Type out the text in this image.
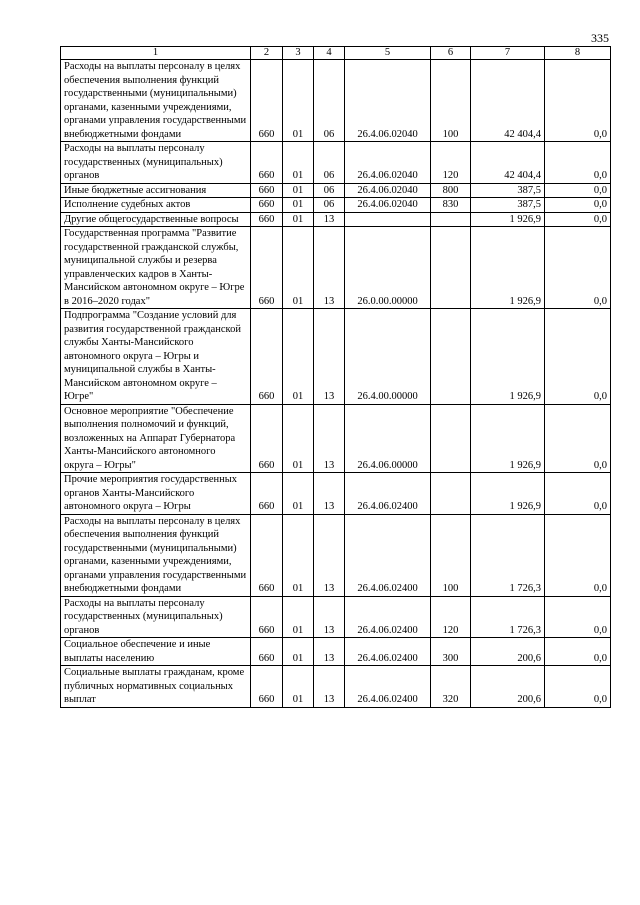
335
1	2	3	4	5	6	7	8
Расходы на выплаты персоналу в целях обеспечения выполнения функций государственными (муниципальными) органами, казенными учреждениями, органами управления государственными внебюджетными фондами	660	01	06	26.4.06.02040	100	42 404,4	0,0
Расходы на выплаты персоналу государственных (муниципальных) органов	660	01	06	26.4.06.02040	120	42 404,4	0,0
Иные бюджетные ассигнования	660	01	06	26.4.06.02040	800	387,5	0,0
Исполнение судебных актов	660	01	06	26.4.06.02040	830	387,5	0,0
Другие общегосударственные вопросы	660	01	13			1 926,9	0,0
Государственная программа "Развитие государственной гражданской службы, муниципальной службы и резерва управленческих кадров в Ханты-Мансийском автономном округе – Югре в 2016–2020 годах"	660	01	13	26.0.00.00000		1 926,9	0,0
Подпрограмма "Создание условий для развития государственной гражданской службы Ханты-Мансийского автономного округа – Югры и муниципальной службы в Ханты-Мансийском автономном округе – Югре"	660	01	13	26.4.00.00000		1 926,9	0,0
Основное мероприятие "Обеспечение выполнения полномочий и функций, возложенных на Аппарат Губернатора Ханты-Мансийского автономного округа – Югры"	660	01	13	26.4.06.00000		1 926,9	0,0
Прочие мероприятия государственных органов Ханты-Мансийского автономного округа – Югры	660	01	13	26.4.06.02400		1 926,9	0,0
Расходы на выплаты персоналу в целях обеспечения выполнения функций государственными (муниципальными) органами, казенными учреждениями, органами управления государственными внебюджетными фондами	660	01	13	26.4.06.02400	100	1 726,3	0,0
Расходы на выплаты персоналу государственных (муниципальных) органов	660	01	13	26.4.06.02400	120	1 726,3	0,0
Социальное обеспечение и иные выплаты населению	660	01	13	26.4.06.02400	300	200,6	0,0
Социальные выплаты гражданам, кроме публичных нормативных социальных выплат	660	01	13	26.4.06.02400	320	200,6	0,0
